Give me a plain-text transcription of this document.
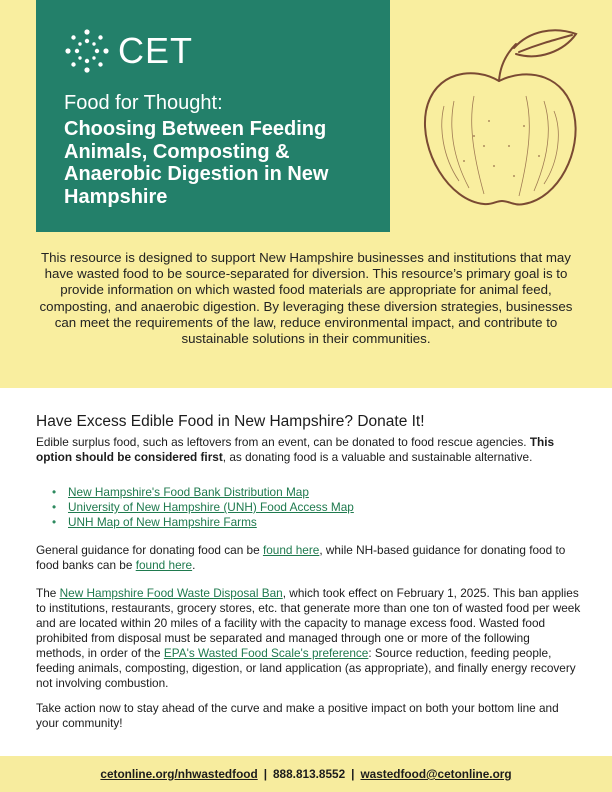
CET
Food for Thought:
Choosing Between Feeding Animals, Composting & Anaerobic Digestion in New Hampshire
This resource is designed to support New Hampshire businesses and institutions that may have wasted food to be source-separated for diversion. This resource’s primary goal is to provide information on which wasted food materials are appropriate for animal feed, composting, and anaerobic digestion. By leveraging these diversion strategies, businesses can meet the requirements of the law, reduce environmental impact, and contribute to sustainable solutions in their communities.
Have Excess Edible Food in New Hampshire? Donate It!
Edible surplus food, such as leftovers from an event, can be donated to food rescue agencies. This option should be considered first, as donating food is a valuable and sustainable alternative.
• New Hampshire's Food Bank Distribution Map
• University of New Hampshire (UNH) Food Access Map
• UNH Map of New Hampshire Farms
General guidance for donating food can be found here, while NH-based guidance for donating food to food banks can be found here.
The New Hampshire Food Waste Disposal Ban, which took effect on February 1, 2025. This ban applies to institutions, restaurants, grocery stores, etc. that generate more than one ton of wasted food per week and are located within 20 miles of a facility with the capacity to manage excess food. Wasted food prohibited from disposal must be separated and managed through one or more of the following methods, in order of the EPA's Wasted Food Scale's preference: Source reduction, feeding people, feeding animals, composting, digestion, or land application (as appropriate), and finally energy recovery not involving combustion.
Take action now to stay ahead of the curve and make a positive impact on both your bottom line and your community!
cetonline.org/nhwastedfood | 888.813.8552 | wastedfood@cetonline.org
